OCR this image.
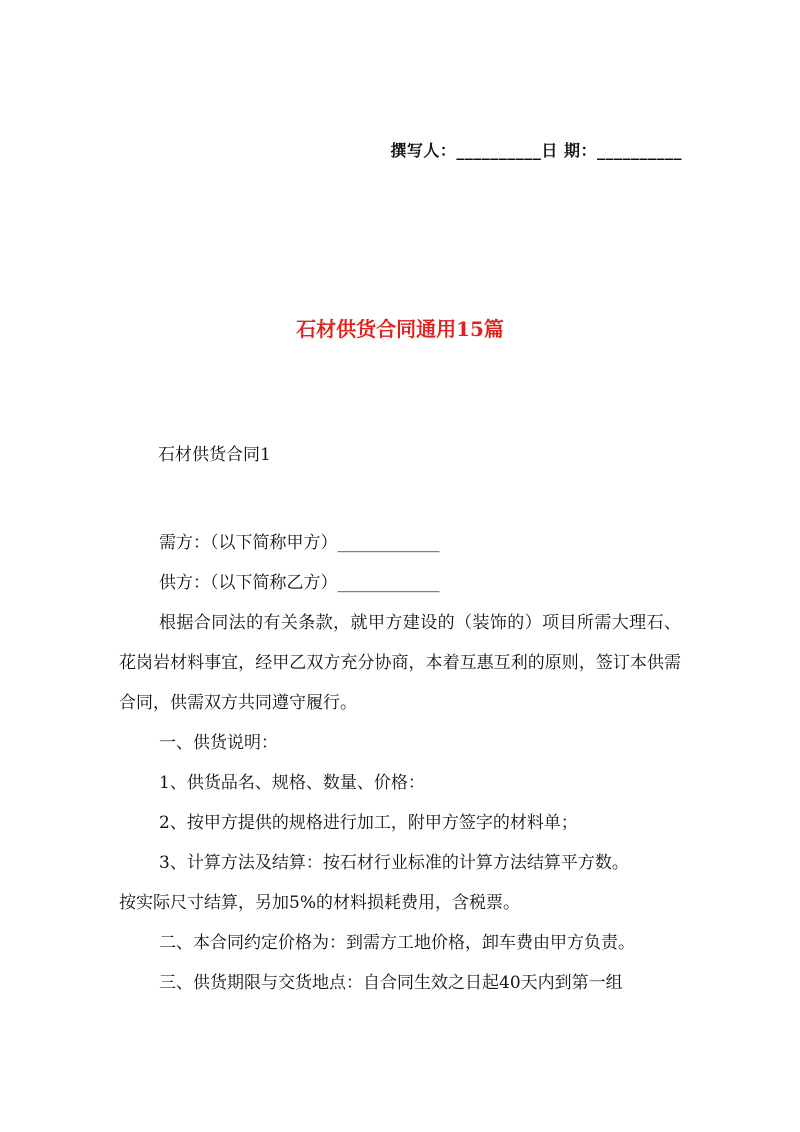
撰写人：__________日 期：__________
石材供货合同通用15篇
石材供货合同1

需方：（以下简称甲方）____________

供方：（以下简称乙方）____________

根据合同法的有关条款，就甲方建设的（装饰的）项目所需大理石、花岗岩材料事宜，经甲乙双方充分协商，本着互惠互利的原则，签订本供需合同，供需双方共同遵守履行。

一、供货说明：

1、供货品名、规格、数量、价格：

2、按甲方提供的规格进行加工，附甲方签字的材料单；

3、计算方法及结算：按石材行业标准的计算方法结算平方数。

按实际尺寸结算，另加5%的材料损耗费用，含税票。

二、本合同约定价格为：到需方工地价格，卸车费由甲方负责。

三、供货期限与交货地点：自合同生效之日起40天内到第一组
